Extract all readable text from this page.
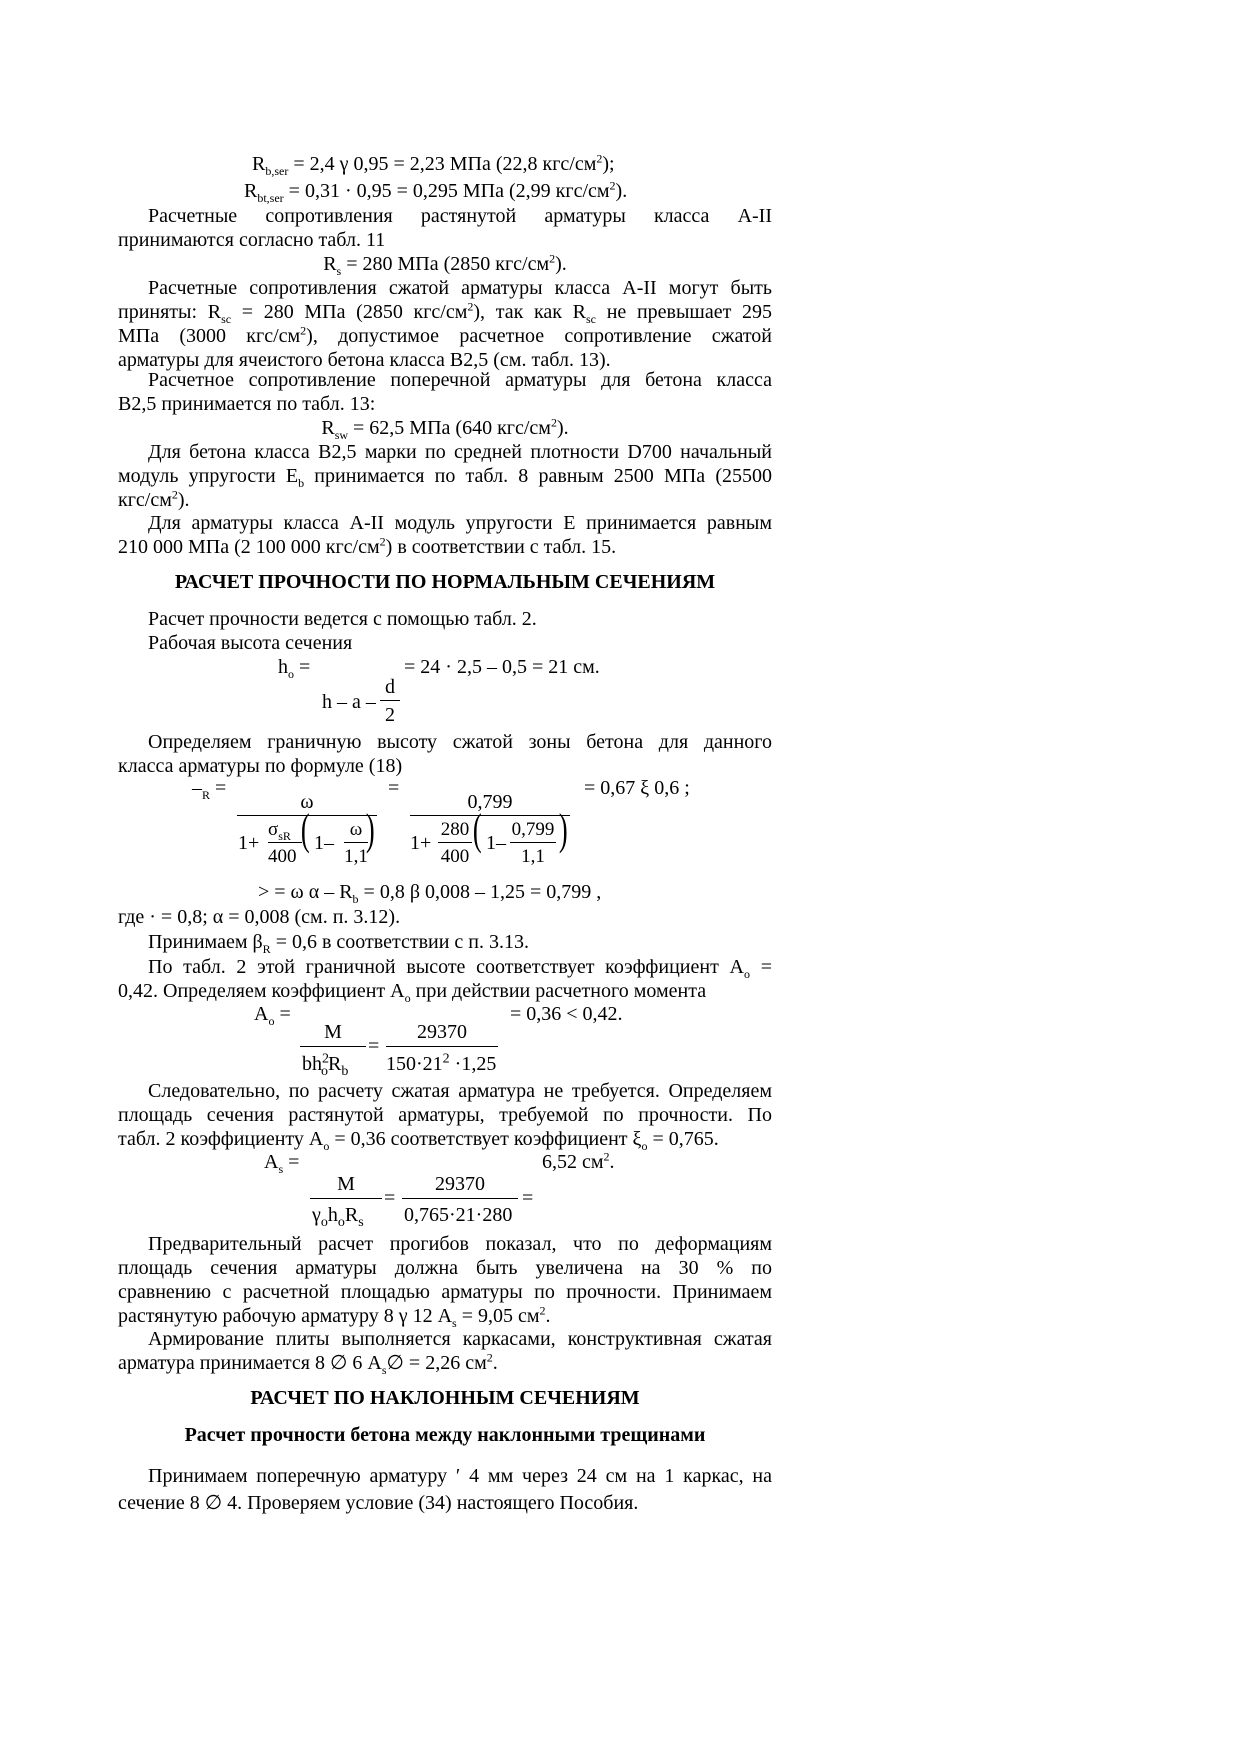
$R_{b,ser} = 2,4$ γ 0,95 = 2,23 МПа (22,8 кгс/$см^2$);
$R_{bt,ser} = 0,31 \cdot 0,95 = 0,295$ МПа (2,99 кгс/$см^2$).
Расчетные сопротивления растянутой арматуры класса А-II
принимаются согласно табл. 11
$R_s = 280$ МПа (2850 кгс/$см^2$).
Расчетные сопротивления сжатой арматуры класса А-II могут быть
приняты: $R_{sc} = 280$ МПа (2850 кгс/$см^2$), так как $R_{sc}$ не превышает 295
МПа (3000 кгс/$см^2$), допустимое расчетное сопротивление сжатой
арматуры для ячеистого бетона класса B2,5 (см. табл. 13).
Расчетное сопротивление поперечной арматуры для бетона класса
B2,5 принимается по табл. 13:
$R_{sw} = 62,5$ МПа (640 кгс/$см^2$).
Для бетона класса B2,5 марки по средней плотности D700 начальный
модуль упругости $E_b$ принимается по табл. 8 равным 2500 МПа (25500
кгс/$см^2$).
Для арматуры класса А-II модуль упругости E принимается равным
210 000 МПа (2 100 000 кгс/$см^2$) в соответствии с табл. 15.
РАСЧЕТ ПРОЧНОСТИ ПО НОРМАЛЬНЫМ СЕЧЕНИЯМ
Расчет прочности ведется с помощью табл. 2.
Рабочая высота сечения
$h_o$ =	= 24 · 2,5 – 0,5 = 21 см.
h – a –
d
2
Определяем граничную высоту сжатой зоны бетона для данного
класса арматуры по формуле (18)
$-_R$ =	=	= 0,67 ξ 0,6 ;
ω
1+
$\sigma_{sR}$
400
( 1–
ω
1,1
)
0,799
1+
280
400
( 1–
0,799
1,1
)
> = ω $\alpha - R_b = 0,8$ β 0,008 – 1,25 = 0,799 ,
где · = 0,8; α = 0,008 (см. п. 3.12).
Принимаем $\beta_R = 0,6$ в соответствии с п. 3.13.
По табл. 2 этой граничной высоте соответствует коэффициент $A_o$ =
0,42. Определяем коэффициент $A_o$ при действии расчетного момента
$A_o$ =	= 0,36 < 0,42.
M
$bh^2_oR_b$
=
29370
$150\cdot 21^2 \cdot 1,25$
Следовательно, по расчету сжатая арматура не требуется. Определяем
площадь сечения растянутой арматуры, требуемой по прочности. По
табл. 2 коэффициенту $A_o = 0,36$ соответствует коэффициент $\xi_o = 0,765$.
$A_s$ =	6,52 $см^2$.
M
$\gamma_oh_oR_s$
=
29370
0,765·21·280
=
Предварительный расчет прогибов показал, что по деформациям
площадь сечения арматуры должна быть увеличена на 30 % по
сравнению с расчетной площадью арматуры по прочности. Принимаем
растянутую рабочую арматуру 8 γ 12 $A_s = 9,05$ $см^2$.
Армирование плиты выполняется каркасами, конструктивная сжатая
арматура принимается 8 ∅ 6 $A_s\emptyset = 2,26$ $см^2$.
РАСЧЕТ ПО НАКЛОННЫМ СЕЧЕНИЯМ
Расчет прочности бетона между наклонными трещинами
Принимаем поперечную арматуру ′ 4 мм через 24 см на 1 каркас, на
сечение 8 ∅ 4. Проверяем условие (34) настоящего Пособия.
